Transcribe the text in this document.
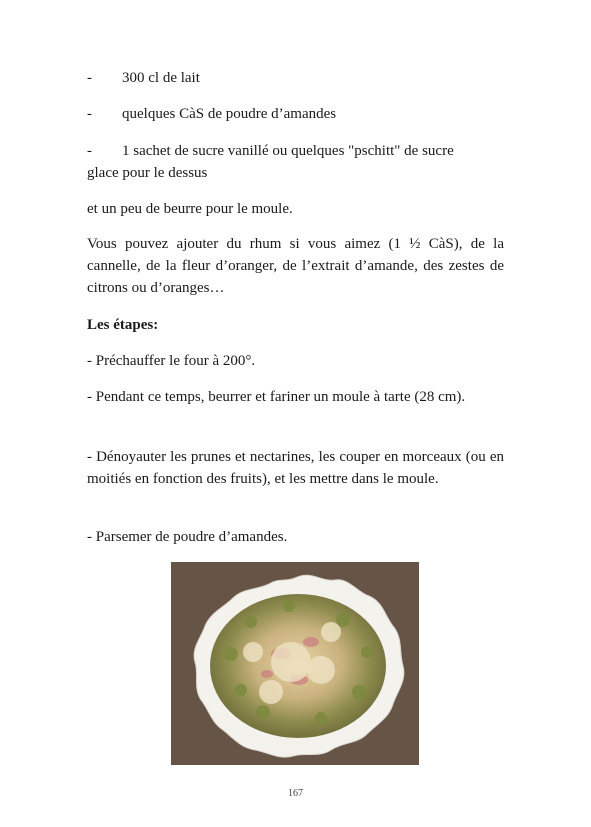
- 300 cl de lait
- quelques CàS de poudre d’amandes
- 1 sachet de sucre vanillé ou quelques "pschitt" de sucre
glace pour le dessus

et un peu de beurre pour le moule.

Vous pouvez ajouter du rhum si vous aimez (1 ½ CàS), de la cannelle, de la fleur d’oranger, de l’extrait d’amande, des zestes de citrons ou d’oranges…

Les étapes:

- Préchauffer le four à 200°.

- Pendant ce temps, beurrer et fariner un moule à tarte (28 cm).

- Dénoyauter les prunes et nectarines, les couper en morceaux (ou en moitiés en fonction des fruits), et les mettre dans le moule.

- Parsemer de poudre d’amandes.

167
